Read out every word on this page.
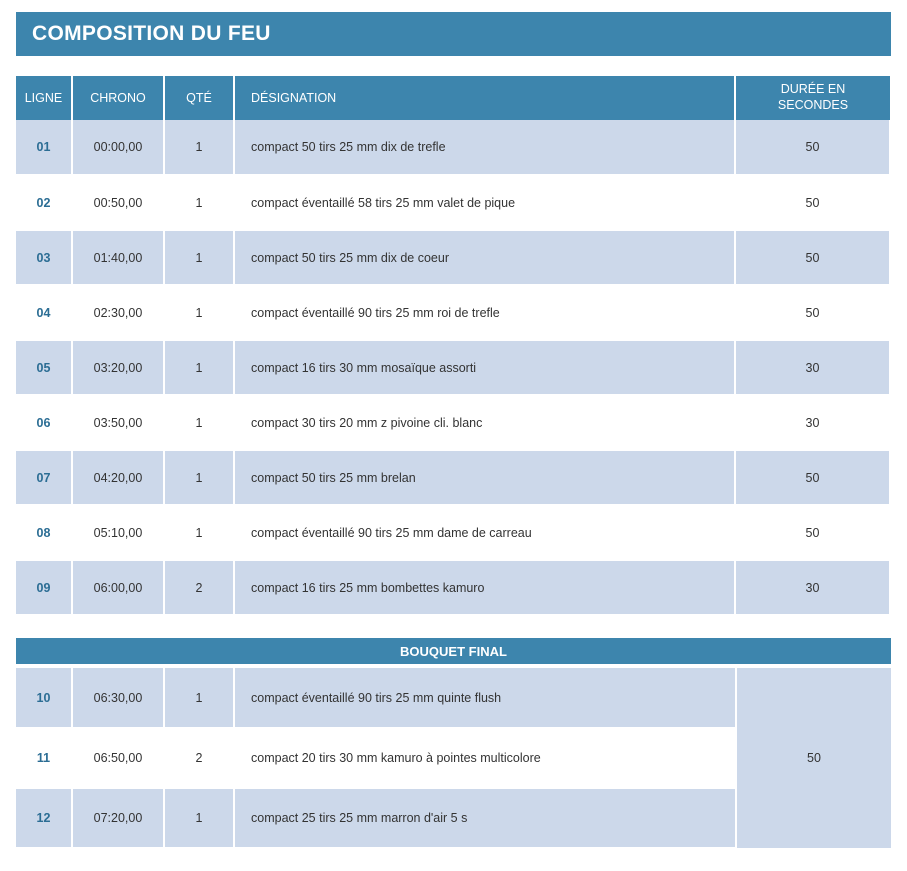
COMPOSITION DU FEU
LIGNE	CHRONO	QTÉ	DÉSIGNATION	DURÉE EN SECONDES
01	00:00,00	1	compact 50 tirs 25 mm dix de trefle	50
02	00:50,00	1	compact éventaillé 58 tirs 25 mm valet de pique	50
03	01:40,00	1	compact 50 tirs 25 mm dix de coeur	50
04	02:30,00	1	compact éventaillé 90 tirs 25 mm roi de trefle	50
05	03:20,00	1	compact 16 tirs 30 mm mosaïque assorti	30
06	03:50,00	1	compact 30 tirs 20 mm z pivoine cli. blanc	30
07	04:20,00	1	compact 50 tirs 25 mm brelan	50
08	05:10,00	1	compact éventaillé 90 tirs 25 mm dame de carreau	50
09	06:00,00	2	compact 16 tirs 25 mm bombettes kamuro	30
BOUQUET FINAL
10	06:30,00	1	compact éventaillé 90 tirs 25 mm quinte flush	50
11	06:50,00	2	compact 20 tirs 30 mm kamuro à pointes multicolore	
12	07:20,00	1	compact 25 tirs 25 mm marron d'air 5 s	
